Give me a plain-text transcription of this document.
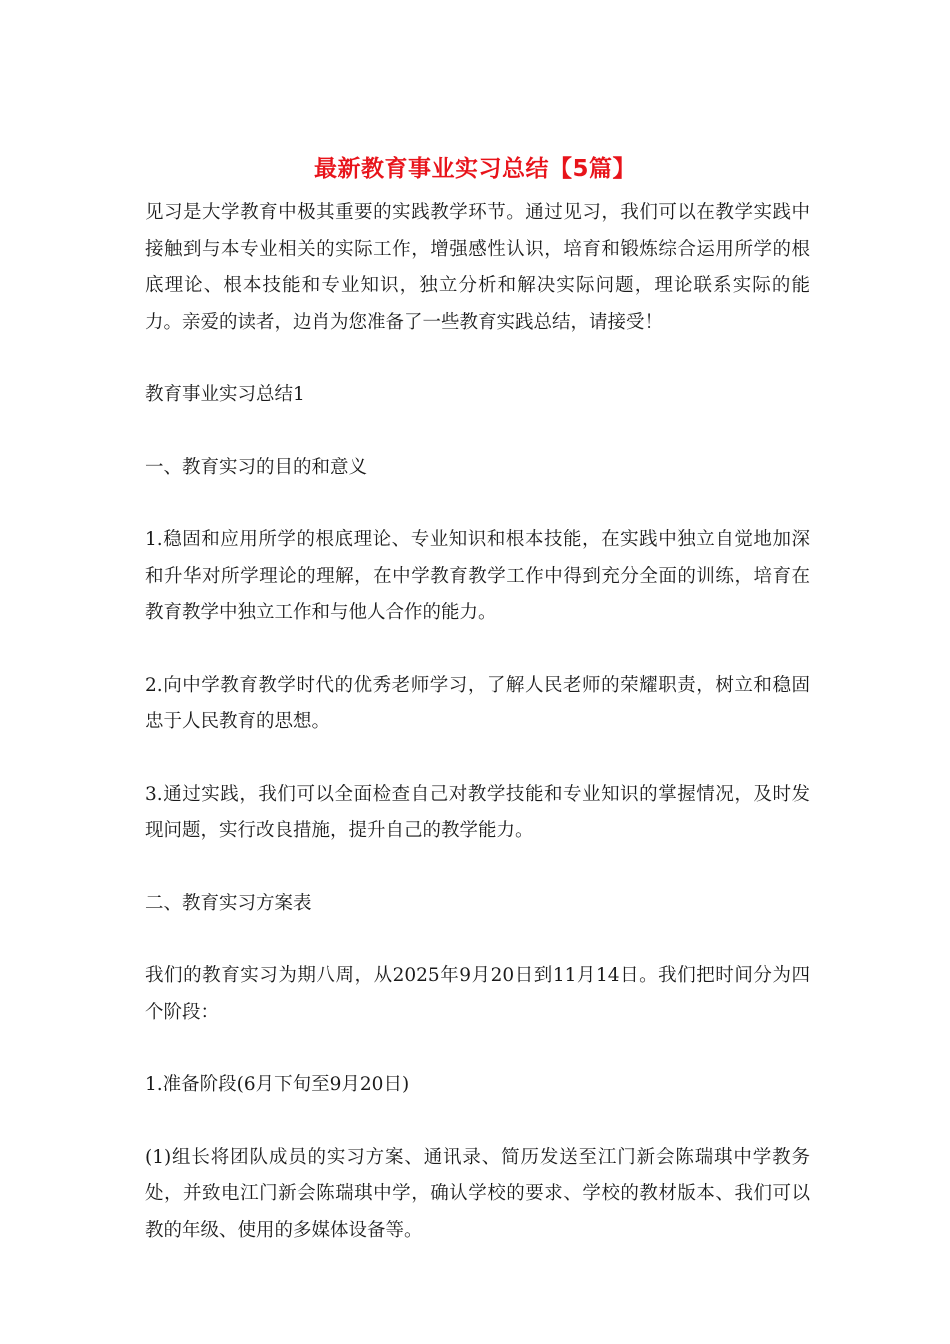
最新教育事业实习总结【5篇】

见习是大学教育中极其重要的实践教学环节。通过见习，我们可以在教学实践中接触到与本专业相关的实际工作，增强感性认识，培育和锻炼综合运用所学的根底理论、根本技能和专业知识，独立分析和解决实际问题，理论联系实际的能力。亲爱的读者，边肖为您准备了一些教育实践总结，请接受！

教育事业实习总结1

一、教育实习的目的和意义

1.稳固和应用所学的根底理论、专业知识和根本技能，在实践中独立自觉地加深和升华对所学理论的理解，在中学教育教学工作中得到充分全面的训练，培育在教育教学中独立工作和与他人合作的能力。

2.向中学教育教学时代的优秀老师学习，了解人民老师的荣耀职责，树立和稳固忠于人民教育的思想。

3.通过实践，我们可以全面检查自己对教学技能和专业知识的掌握情况，及时发现问题，实行改良措施，提升自己的教学能力。

二、教育实习方案表

我们的教育实习为期八周，从2025年9月20日到11月14日。我们把时间分为四个阶段：

1.准备阶段(6月下旬至9月20日)

(1)组长将团队成员的实习方案、通讯录、简历发送至江门新会陈瑞琪中学教务处，并致电江门新会陈瑞琪中学，确认学校的要求、学校的教材版本、我们可以教的年级、使用的多媒体设备等。
